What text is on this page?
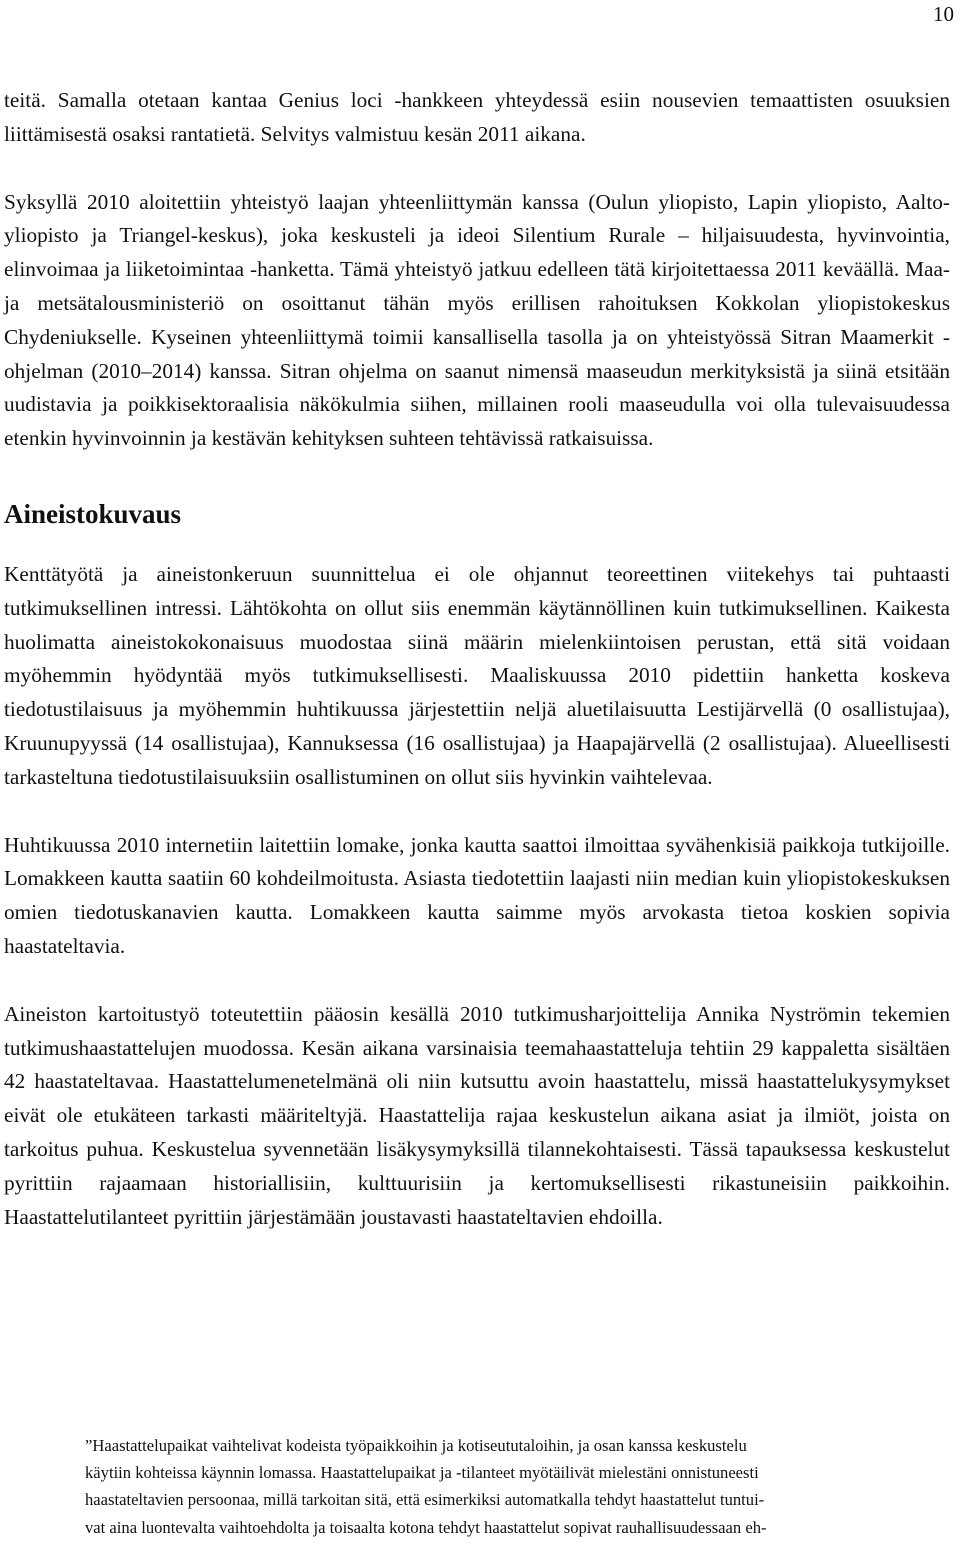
10

teitä. Samalla otetaan kantaa Genius loci -hankkeen yhteydessä esiin nousevien temaattisten osuuksien liittämisestä osaksi rantatietä. Selvitys valmistuu kesän 2011 aikana.

Syksyllä 2010 aloitettiin yhteistyö laajan yhteenliittymän kanssa (Oulun yliopisto, Lapin yliopisto, Aalto-yliopisto ja Triangel-keskus), joka keskusteli ja ideoi Silentium Rurale – hiljaisuudesta, hyvinvointia, elinvoimaa ja liiketoimintaa -hanketta. Tämä yhteistyö jatkuu edelleen tätä kirjoitettaessa 2011 keväällä. Maa- ja metsätalousministeriö on osoittanut tähän myös erillisen rahoituksen Kokkolan yliopistokeskus Chydeniukselle. Kyseinen yhteenliittymä toimii kansallisella tasolla ja on yhteistyössä Sitran Maamerkit -ohjelman (2010–2014) kanssa. Sitran ohjelma on saanut nimensä maaseudun merkityksistä ja siinä etsitään uudistavia ja poikkisektoraalisia näkökulmia siihen, millainen rooli maaseudulla voi olla tulevaisuudessa etenkin hyvinvoinnin ja kestävän kehityksen suhteen tehtävissä ratkaisuissa.

Aineistokuvaus

Kenttätyötä ja aineistonkeruun suunnittelua ei ole ohjannut teoreettinen viitekehys tai puhtaasti tutkimuksellinen intressi. Lähtökohta on ollut siis enemmän käytännöllinen kuin tutkimuksellinen. Kaikesta huolimatta aineistokokonaisuus muodostaa siinä määrin mielenkiintoisen perustan, että sitä voidaan myöhemmin hyödyntää myös tutkimuksellisesti. Maaliskuussa 2010 pidettiin hanketta koskeva tiedotustilaisuus ja myöhemmin huhtikuussa järjestettiin neljä aluetilaisuutta Lestijärvellä (0 osallistujaa), Kruunupyyssä (14 osallistujaa), Kannuksessa (16 osallistujaa) ja Haapajärvellä (2 osallistujaa). Alueellisesti tarkasteltuna tiedotustilaisuuksiin osallistuminen on ollut siis hyvinkin vaihtelevaa.

Huhtikuussa 2010 internetiin laitettiin lomake, jonka kautta saattoi ilmoittaa syvähenkisiä paikkoja tutkijoille. Lomakkeen kautta saatiin 60 kohdeilmoitusta. Asiasta tiedotettiin laajasti niin median kuin yliopistokeskuksen omien tiedotuskanavien kautta. Lomakkeen kautta saimme myös arvokasta tietoa koskien sopivia haastateltavia.

Aineiston kartoitustyö toteutettiin pääosin kesällä 2010 tutkimusharjoittelija Annika Nyströmin tekemien tutkimushaastattelujen muodossa. Kesän aikana varsinaisia teemahaastatteluja tehtiin 29 kappaletta sisältäen 42 haastateltavaa. Haastattelumenetelmänä oli niin kutsuttu avoin haastattelu, missä haastattelukysymykset eivät ole etukäteen tarkasti määriteltyjä. Haastattelija rajaa keskustelun aikana asiat ja ilmiöt, joista on tarkoitus puhua. Keskustelua syvennetään lisäkysymyksillä tilannekohtaisesti. Tässä tapauksessa keskustelut pyrittiin rajaamaan historiallisiin, kulttuurisiin ja kertomuksellisesti rikastuneisiin paikkoihin. Haastattelutilanteet pyrittiin järjestämään joustavasti haastateltavien ehdoilla.

”Haastattelupaikat vaihtelivat kodeista työpaikkoihin ja kotiseututaloihin, ja osan kanssa keskustelu

käytiin kohteissa käynnin lomassa. Haastattelupaikat ja -tilanteet myötäilivät mielestäni onnistuneesti

haastateltavien persoonaa, millä tarkoitan sitä, että esimerkiksi automatkalla tehdyt haastattelut tuntui-

vat aina luontevalta vaihtoehdolta ja toisaalta kotona tehdyt haastattelut sopivat rauhallisuudessaan eh-
